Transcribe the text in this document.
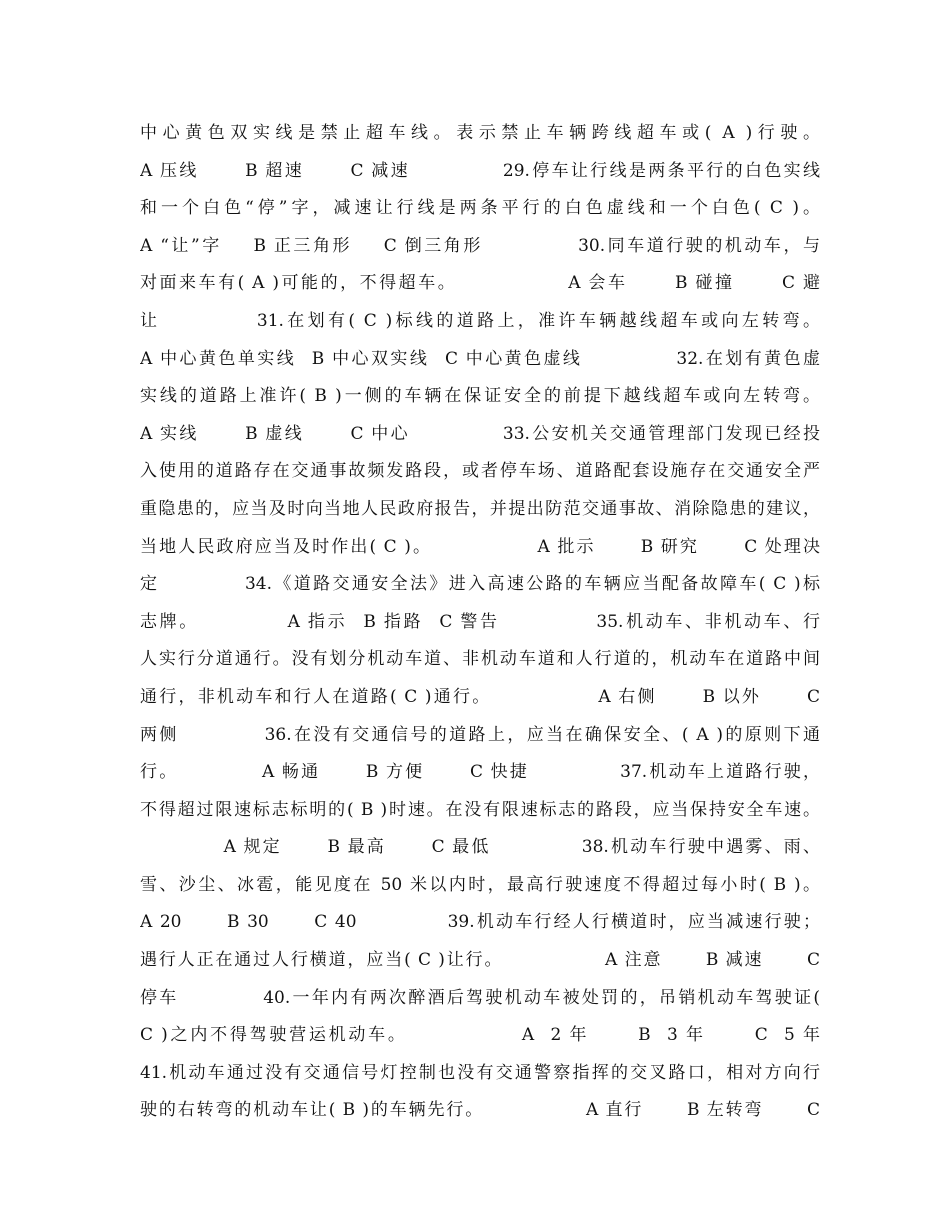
中心黄色双实线是禁止超车线。表示禁止车辆跨线超车或( A )行驶。
A 压线      B 超速      C 减速            29.停车让行线是两条平行的白色实线
和一个白色“停”字，减速让行线是两条平行的白色虚线和一个白色( C )。
A “让”字    B 正三角形    C 倒三角形            30.同车道行驶的机动车，与
对面来车有( A )可能的，不得超车。              A 会车      B 碰撞      C 避
让           31.在划有( C )标线的道路上，准许车辆越线超车或向左转弯。
A 中心黄色单实线  B 中心双实线  C 中心黄色虚线            32.在划有黄色虚
实线的道路上准许( B )一侧的车辆在保证安全的前提下越线超车或向左转弯。
A 实线      B 虚线      C 中心            33.公安机关交通管理部门发现已经投
入使用的道路存在交通事故频发路段，或者停车场、道路配套设施存在交通安全严
重隐患的，应当及时向当地人民政府报告，并提出防范交通事故、消除隐患的建议，
当地人民政府应当及时作出( C )。              A 批示      B 研究      C 处理决
定           34.《道路交通安全法》进入高速公路的车辆应当配备故障车( C )标
志牌。           A 指示  B 指路  C 警告            35.机动车、非机动车、行
人实行分道通行。没有划分机动车道、非机动车道和人行道的，机动车在道路中间
通行，非机动车和行人在道路( C )通行。              A 右侧      B 以外      C
两侧           36.在没有交通信号的道路上，应当在确保安全、( A )的原则下通
行。           A 畅通      B 方便      C 快捷            37.机动车上道路行驶，
不得超过限速标志标明的( B )时速。在没有限速标志的路段，应当保持安全车速。
A 规定      B 最高      C 最低            38.机动车行驶中遇雾、雨、
雪、沙尘、冰雹，能见度在 50 米以内时，最高行驶速度不得超过每小时( B )。
A 20      B 30      C 40            39.机动车行经人行横道时，应当减速行驶；
遇行人正在通过人行横道，应当( C )让行。              A 注意      B 减速      C
停车           40.一年内有两次醉酒后驾驶机动车被处罚的，吊销机动车驾驶证(
C )之内不得驾驶营运机动车。              A  2 年      B  3 年      C  5 年
41.机动车通过没有交通信号灯控制也没有交通警察指挥的交叉路口，相对方向行
驶的右转弯的机动车让( B )的车辆先行。              A 直行      B 左转弯      C
